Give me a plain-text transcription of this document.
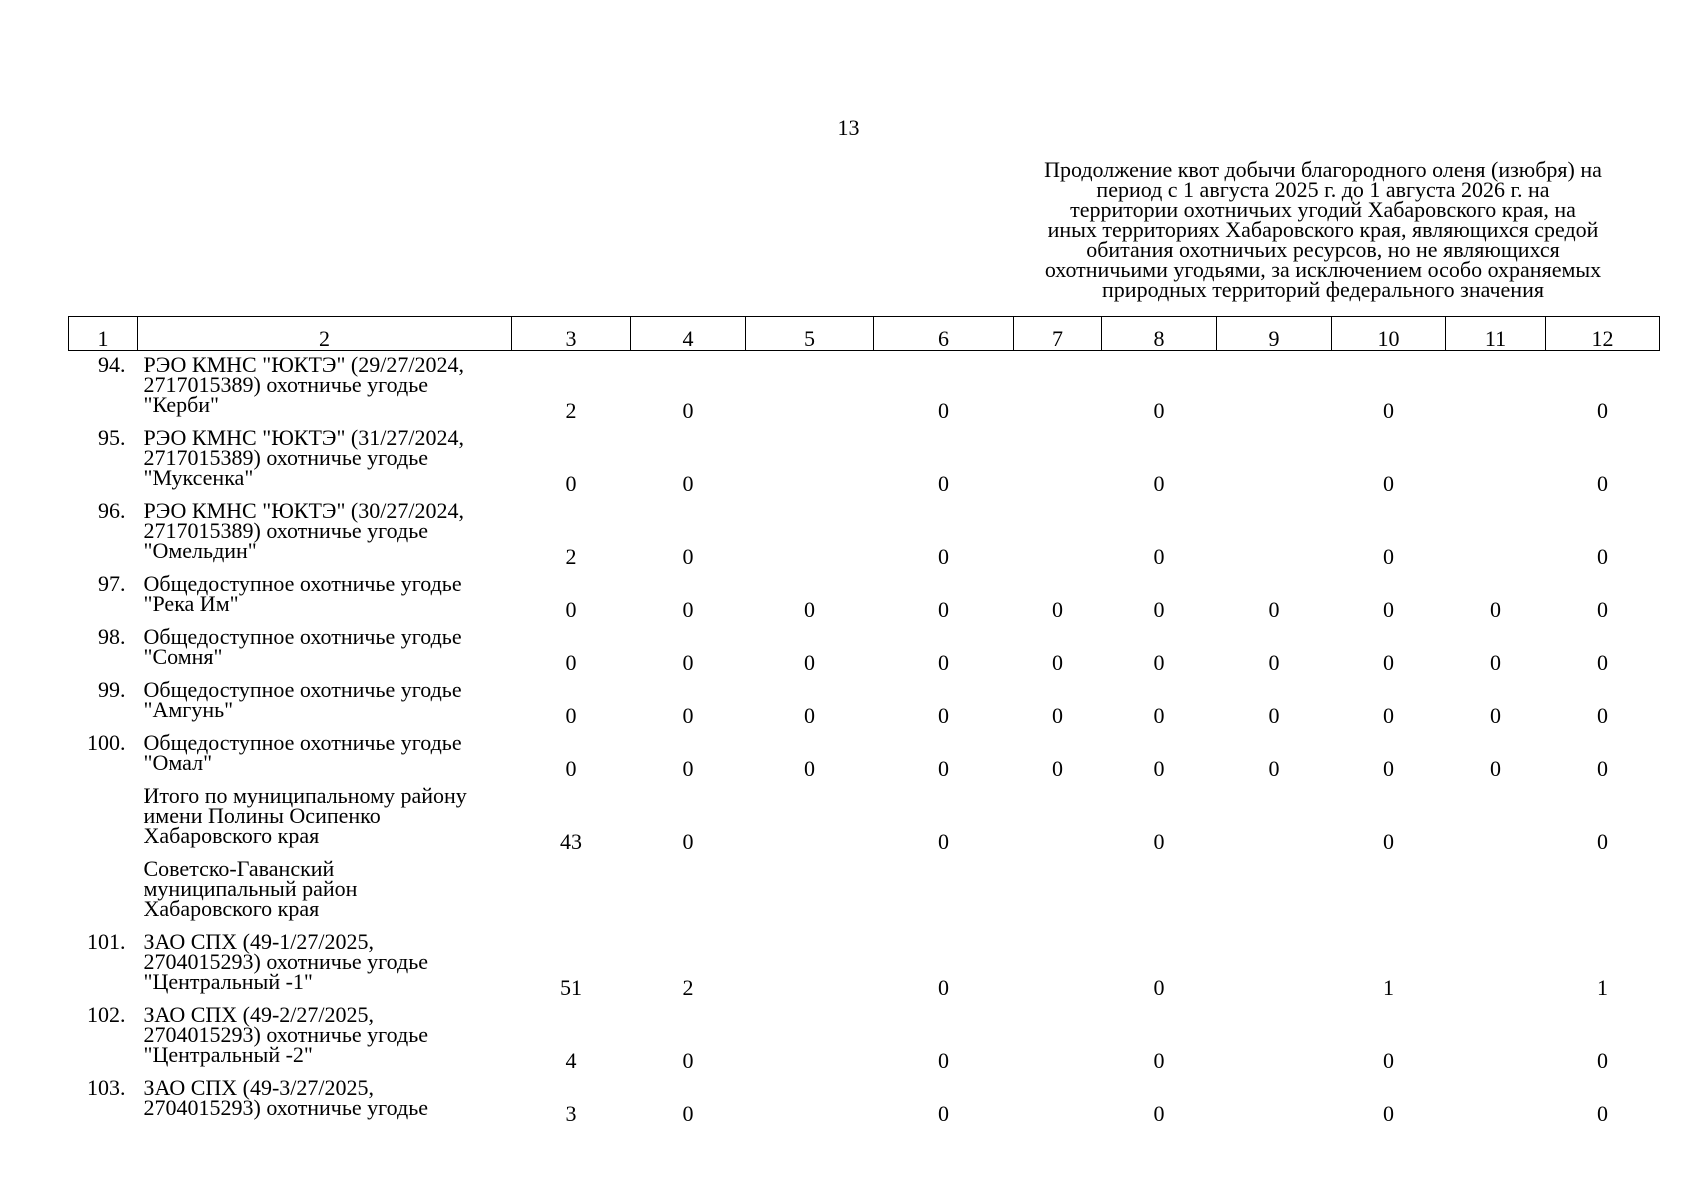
13
Продолжение квот добычи благородного оленя (изюбря) на
период с 1 августа 2025 г. до 1 августа 2026 г. на
территории охотничьих угодий Хабаровского края, на
иных территориях Хабаровского края, являющихся средой
обитания охотничьих ресурсов, но не являющихся
охотничьими угодьями, за исключением особо охраняемых
природных территорий федерального значения
1	2	3	4	5	6	7	8	9	10	11	12
94.	РЭО КМНС "ЮКТЭ" (29/27/2024,
2717015389) охотничье угодье
"Керби"	2	0		0		0		0		0
95.	РЭО КМНС "ЮКТЭ" (31/27/2024,
2717015389) охотничье угодье
"Муксенка"	0	0		0		0		0		0
96.	РЭО КМНС "ЮКТЭ" (30/27/2024,
2717015389) охотничье угодье
"Омельдин"	2	0		0		0		0		0
97.	Общедоступное охотничье угодье
"Река Им"	0	0	0	0	0	0	0	0	0	0
98.	Общедоступное охотничье угодье
"Сомня"	0	0	0	0	0	0	0	0	0	0
99.	Общедоступное охотничье угодье
"Амгунь"	0	0	0	0	0	0	0	0	0	0
100.	Общедоступное охотничье угодье
"Омал"	0	0	0	0	0	0	0	0	0	0

	Итого по муниципальному району
имени Полины Осипенко
Хабаровского края	43	0		0		0		0		0

	Советско-Гаванский
муниципальный район
Хабаровского края										

101.	ЗАО СПХ (49-1/27/2025,
2704015293) охотничье угодье
"Центральный -1"	51	2		0		0		1		1
102.	ЗАО СПХ (49-2/27/2025,
2704015293) охотничье угодье
"Центральный -2"	4	0		0		0		0		0
103.	ЗАО СПХ (49-3/27/2025,
2704015293) охотничье угодье	3	0		0		0		0		0
